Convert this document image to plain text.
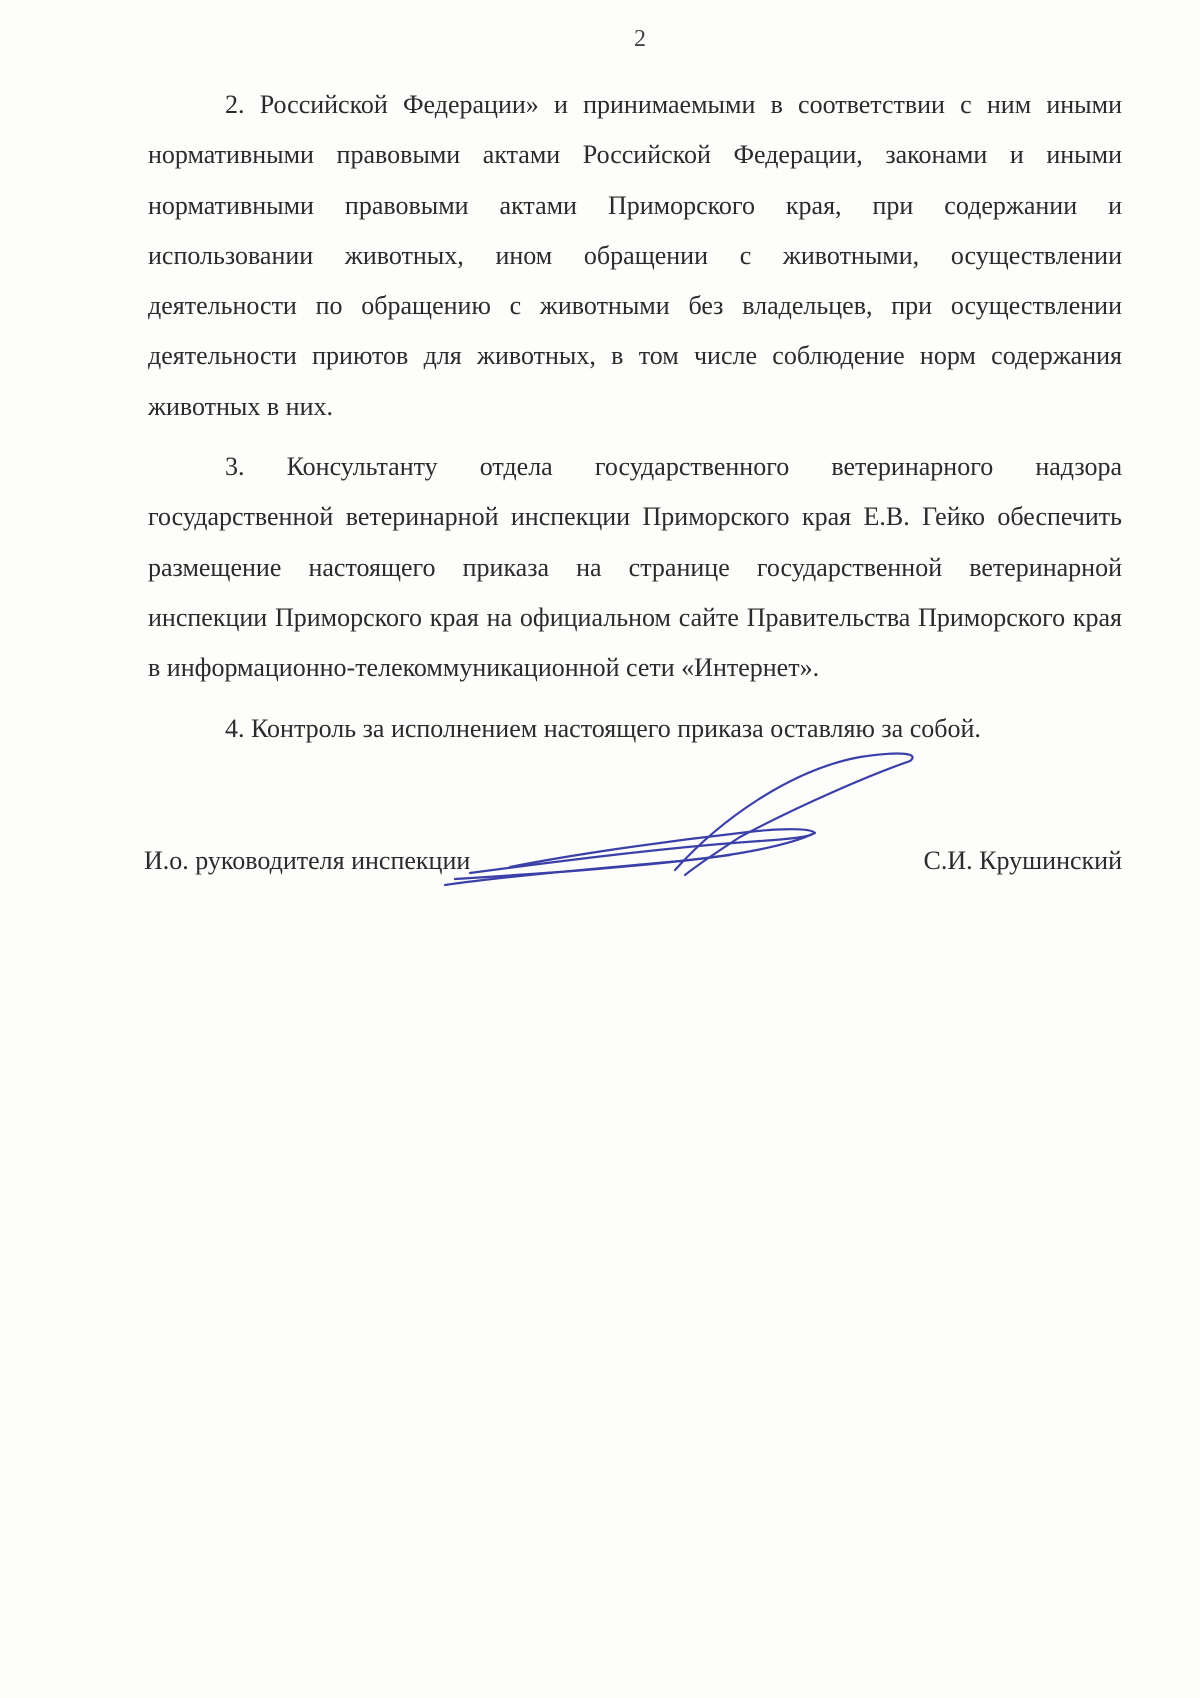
2

2. Российской Федерации» и принимаемыми в соответствии с ним иными нормативными правовыми актами Российской Федерации, законами и иными нормативными правовыми актами Приморского края, при содержании и использовании животных, ином обращении с животными, осуществлении деятельности по обращению с животными без владельцев, при осуществлении деятельности приютов для животных, в том числе соблюдение норм содержания животных в них.

3. Консультанту отдела государственного ветеринарного надзора государственной ветеринарной инспекции Приморского края Е.В. Гейко обеспечить размещение настоящего приказа на странице государственной ветеринарной инспекции Приморского края на официальном сайте Правительства Приморского края в информационно-телекоммуникационной сети «Интернет».

4. Контроль за исполнением настоящего приказа оставляю за собой.

И.о. руководителя инспекции	С.И. Крушинский
